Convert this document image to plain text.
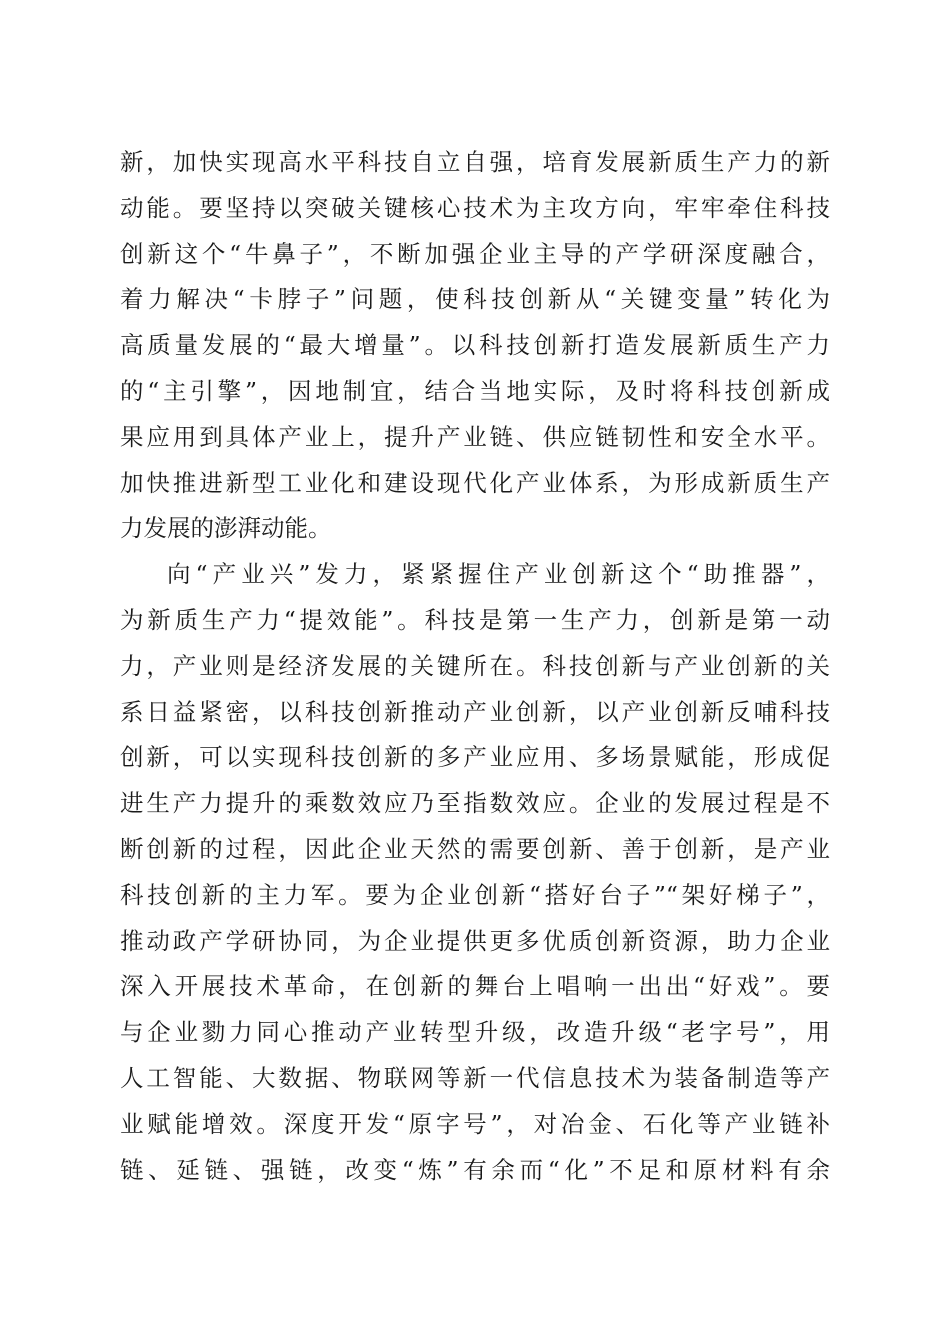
新，加快实现高水平科技自立自强，培育发展新质生产力的新
动能。要坚持以突破关键核心技术为主攻方向，牢牢牵住科技
创新这个“牛鼻子”，不断加强企业主导的产学研深度融合，
着力解决“卡脖子”问题，使科技创新从“关键变量”转化为
高质量发展的“最大增量”。以科技创新打造发展新质生产力
的“主引擎”，因地制宜，结合当地实际，及时将科技创新成
果应用到具体产业上，提升产业链、供应链韧性和安全水平。
加快推进新型工业化和建设现代化产业体系，为形成新质生产
力发展的澎湃动能。
向“产业兴”发力，紧紧握住产业创新这个“助推器”，
为新质生产力“提效能”。科技是第一生产力，创新是第一动
力，产业则是经济发展的关键所在。科技创新与产业创新的关
系日益紧密，以科技创新推动产业创新，以产业创新反哺科技
创新，可以实现科技创新的多产业应用、多场景赋能，形成促
进生产力提升的乘数效应乃至指数效应。企业的发展过程是不
断创新的过程，因此企业天然的需要创新、善于创新，是产业
科技创新的主力军。要为企业创新“搭好台子”“架好梯子”，
推动政产学研协同，为企业提供更多优质创新资源，助力企业
深入开展技术革命，在创新的舞台上唱响一出出“好戏”。要
与企业勠力同心推动产业转型升级，改造升级“老字号”，用
人工智能、大数据、物联网等新一代信息技术为装备制造等产
业赋能增效。深度开发“原字号”，对冶金、石化等产业链补
链、延链、强链，改变“炼”有余而“化”不足和原材料有余
